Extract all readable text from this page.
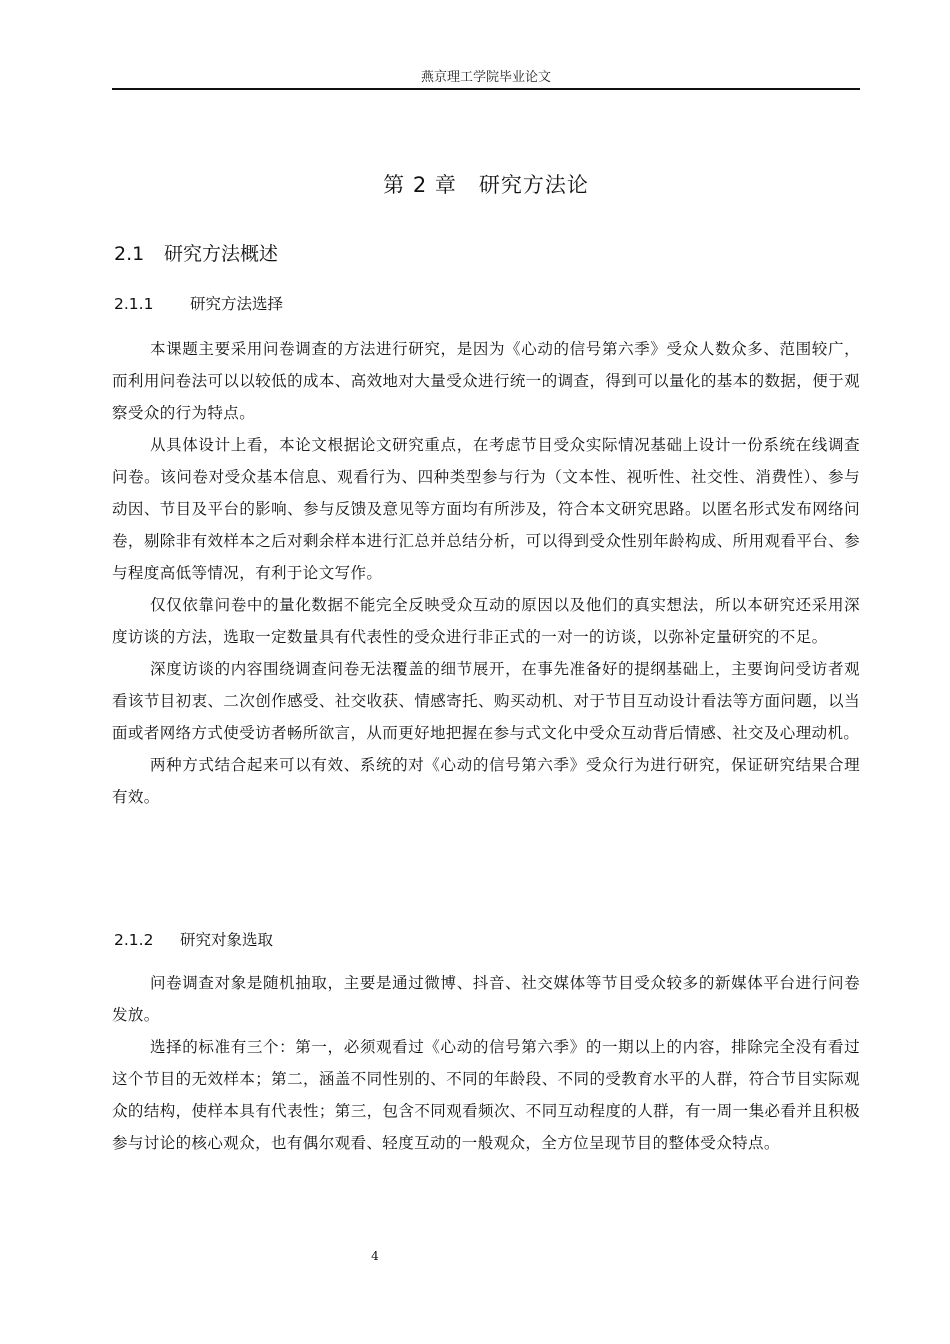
燕京理工学院毕业论文
第 2 章 研究方法论
2.1 研究方法概述
2.1.1 研究方法选择

本课题主要采用问卷调查的方法进行研究，是因为《心动的信号第六季》受众人数众多、范围较广，而利用问卷法可以以较低的成本、高效地对大量受众进行统一的调查，得到可以量化的基本的数据，便于观察受众的行为特点。

从具体设计上看，本论文根据论文研究重点，在考虑节目受众实际情况基础上设计一份系统在线调查问卷。该问卷对受众基本信息、观看行为、四种类型参与行为（文本性、视听性、社交性、消费性）、参与动因、节目及平台的影响、参与反馈及意见等方面均有所涉及，符合本文研究思路。以匿名形式发布网络问卷，剔除非有效样本之后对剩余样本进行汇总并总结分析，可以得到受众性别年龄构成、所用观看平台、参与程度高低等情况，有利于论文写作。

仅仅依靠问卷中的量化数据不能完全反映受众互动的原因以及他们的真实想法，所以本研究还采用深度访谈的方法，选取一定数量具有代表性的受众进行非正式的一对一的访谈，以弥补定量研究的不足。

深度访谈的内容围绕调查问卷无法覆盖的细节展开，在事先准备好的提纲基础上，主要询问受访者观看该节目初衷、二次创作感受、社交收获、情感寄托、购买动机、对于节目互动设计看法等方面问题，以当面或者网络方式使受访者畅所欲言，从而更好地把握在参与式文化中受众互动背后情感、社交及心理动机。

两种方式结合起来可以有效、系统的对《心动的信号第六季》受众行为进行研究，保证研究结果合理有效。

2.1.2 研究对象选取

问卷调查对象是随机抽取，主要是通过微博、抖音、社交媒体等节目受众较多的新媒体平台进行问卷发放。

选择的标准有三个：第一，必须观看过《心动的信号第六季》的一期以上的内容，排除完全没有看过这个节目的无效样本；第二，涵盖不同性别的、不同的年龄段、不同的受教育水平的人群，符合节目实际观众的结构，使样本具有代表性；第三，包含不同观看频次、不同互动程度的人群，有一周一集必看并且积极参与讨论的核心观众，也有偶尔观看、轻度互动的一般观众，全方位呈现节目的整体受众特点。

4
